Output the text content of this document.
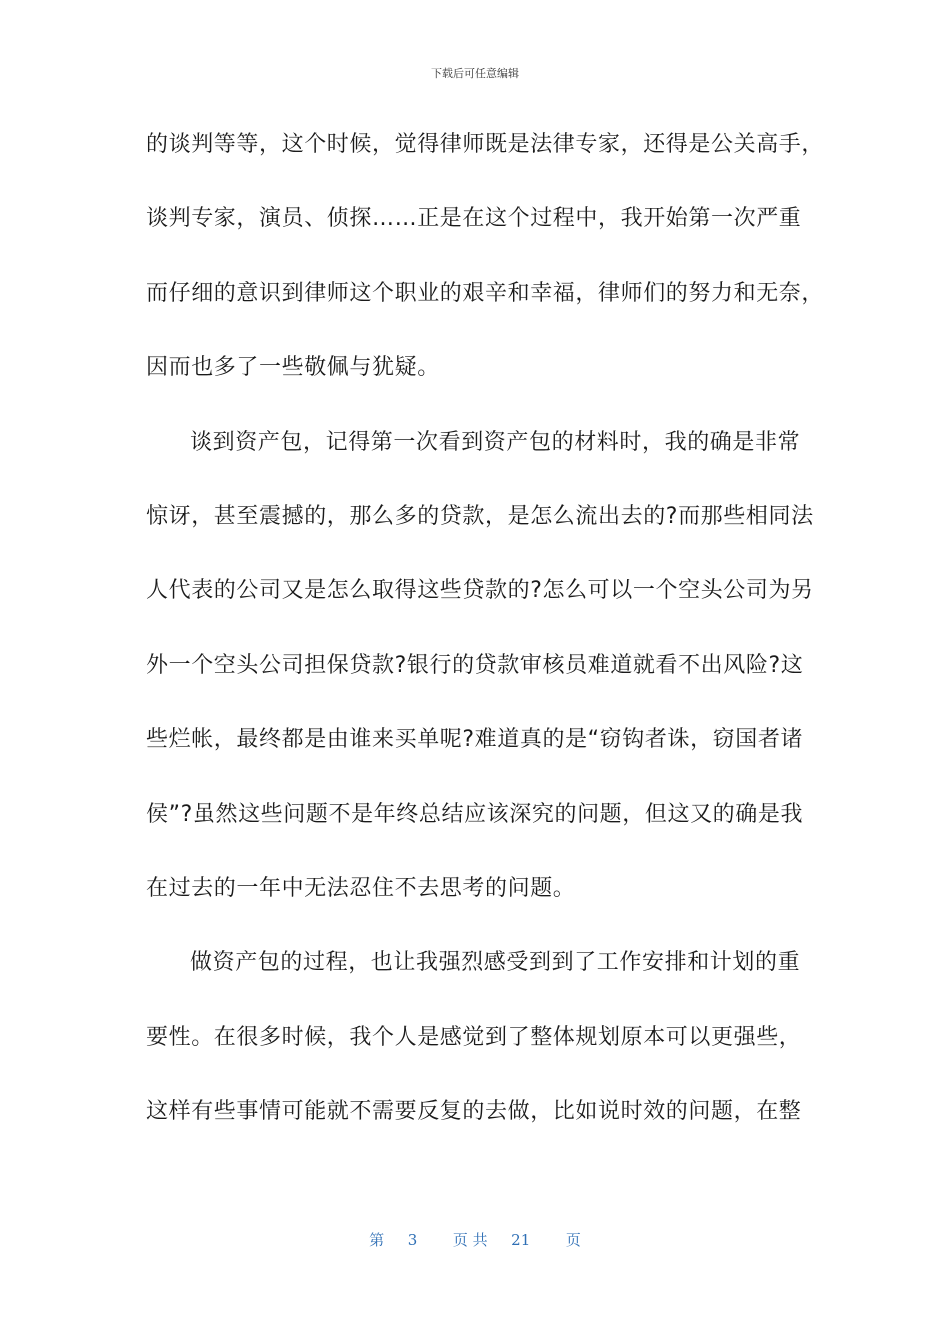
下载后可任意编辑
的谈判等等，这个时候，觉得律师既是法律专家，还得是公关高手，
谈判专家，演员、侦探……正是在这个过程中，我开始第一次严重
而仔细的意识到律师这个职业的艰辛和幸福，律师们的努力和无奈，
因而也多了一些敬佩与犹疑。
谈到资产包，记得第一次看到资产包的材料时，我的确是非常
惊讶，甚至震撼的，那么多的贷款，是怎么流出去的?而那些相同法
人代表的公司又是怎么取得这些贷款的?怎么可以一个空头公司为另
外一个空头公司担保贷款?银行的贷款审核员难道就看不出风险?这
些烂帐，最终都是由谁来买单呢?难道真的是“窃钩者诛，窃国者诸
侯”?虽然这些问题不是年终总结应该深究的问题，但这又的确是我
在过去的一年中无法忍住不去思考的问题。
做资产包的过程，也让我强烈感受到到了工作安排和计划的重
要性。在很多时候，我个人是感觉到了整体规划原本可以更强些，
这样有些事情可能就不需要反复的去做，比如说时效的问题，在整
第 3 页 共 21 页
